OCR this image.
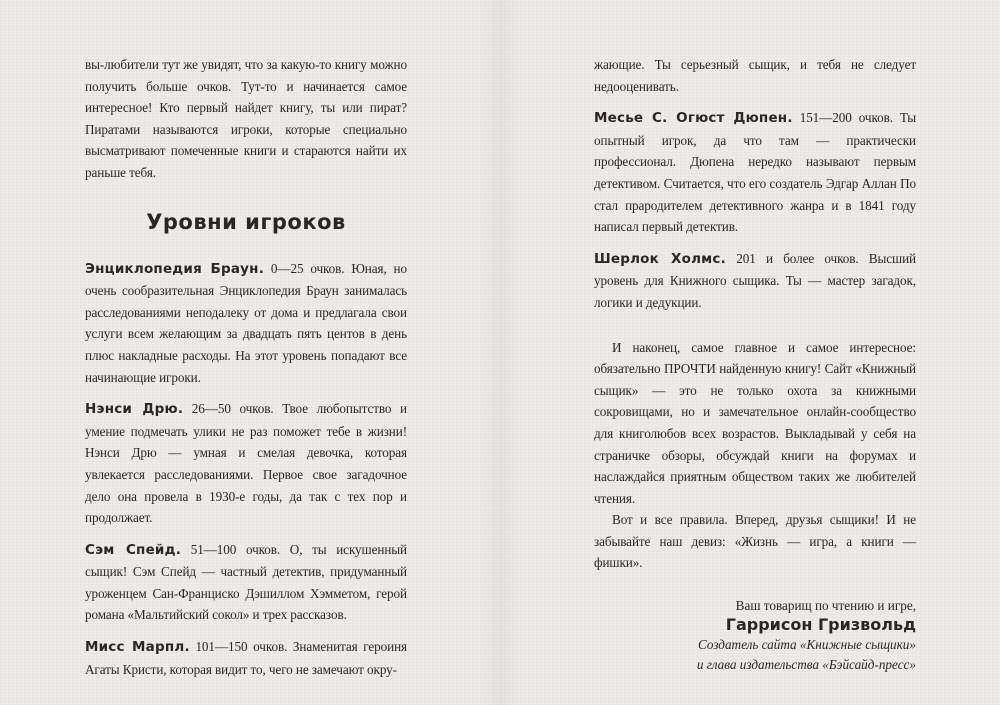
вы-любители тут же увидят, что за какую-то книгу можно получить больше очков. Тут-то и начинается самое интересное! Кто первый найдет книгу, ты или пират? Пиратами называются игроки, которые специально высматривают помеченные книги и стараются найти их раньше тебя.

Уровни игроков

Энциклопедия Браун. 0—25 очков. Юная, но очень сообразительная Энциклопедия Браун занималась расследованиями неподалеку от дома и предлагала свои услуги всем желающим за двадцать пять центов в день плюс накладные расходы. На этот уровень попадают все начинающие игроки.

Нэнси Дрю. 26—50 очков. Твое любопытство и умение подмечать улики не раз поможет тебе в жизни! Нэнси Дрю — умная и смелая девочка, которая увлекается расследованиями. Первое свое загадочное дело она провела в 1930-е годы, да так с тех пор и продолжает.

Сэм Спейд. 51—100 очков. О, ты искушенный сыщик! Сэм Спейд — частный детектив, придуманный уроженцем Сан-Франциско Дэшиллом Хэмметом, герой романа «Мальтийский сокол» и трех рассказов.

Мисс Марпл. 101—150 очков. Знаменитая героиня Агаты Кристи, которая видит то, чего не замечают окру-

жающие. Ты серьезный сыщик, и тебя не следует недооценивать.

Месье С. Огюст Дюпен. 151—200 очков. Ты опытный игрок, да что там — практически профессионал. Дюпена нередко называют первым детективом. Считается, что его создатель Эдгар Аллан По стал прародителем детективного жанра и в 1841 году написал первый детектив.

Шерлок Холмс. 201 и более очков. Высший уровень для Книжного сыщика. Ты — мастер загадок, логики и дедукции.

И наконец, самое главное и самое интересное: обязательно ПРОЧТИ найденную книгу! Сайт «Книжный сыщик» — это не только охота за книжными сокровищами, но и замечательное онлайн-сообщество для книголюбов всех возрастов. Выкладывай у себя на страничке обзоры, обсуждай книги на форумах и наслаждайся приятным обществом таких же любителей чтения.

Вот и все правила. Вперед, друзья сыщики! И не забывайте наш девиз: «Жизнь — игра, а книги — фишки».

Ваш товарищ по чтению и игре,
Гаррисон Гризвольд
Создатель сайта «Книжные сыщики»
и глава издательства «Бэйсайд-пресс»
